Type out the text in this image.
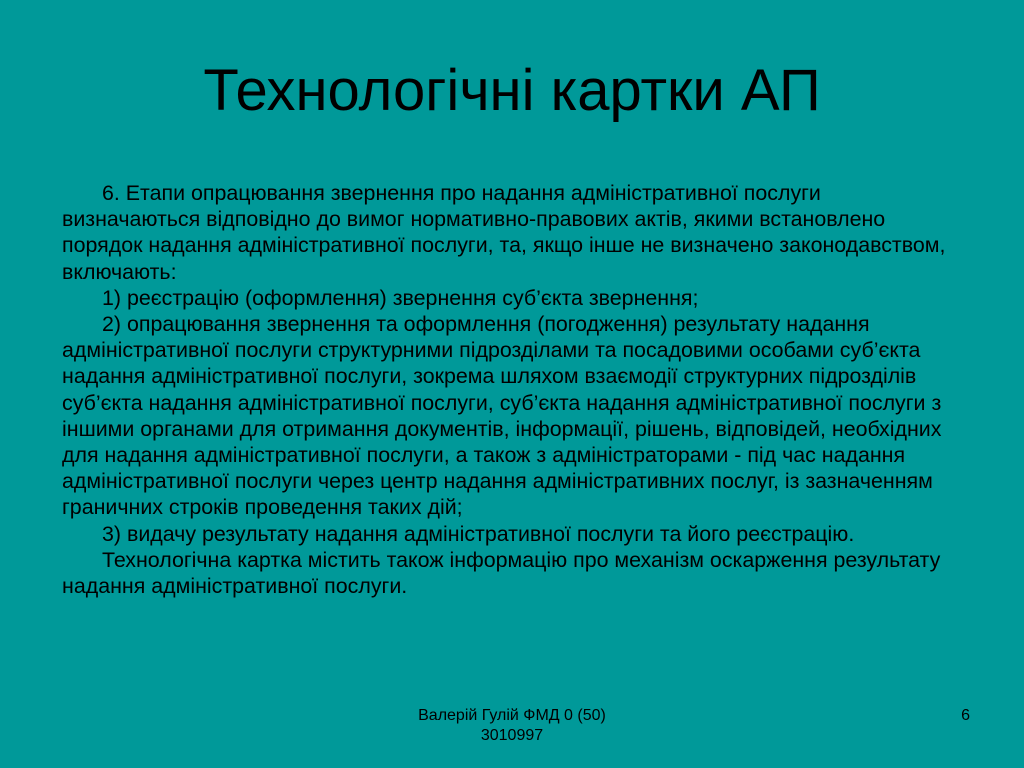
Технологічні картки АП

6. Етапи опрацювання звернення про надання адміністративної послуги визначаються відповідно до вимог нормативно-правових актів, якими встановлено порядок надання адміністративної послуги, та, якщо інше не визначено законодавством, включають:

1) реєстрацію (оформлення) звернення суб’єкта звернення;

2) опрацювання звернення та оформлення (погодження) результату надання адміністративної послуги структурними підрозділами та посадовими особами суб’єкта надання адміністративної послуги, зокрема шляхом взаємодії структурних підрозділів суб’єкта надання адміністративної послуги, суб’єкта надання адміністративної послуги з іншими органами для отримання документів, інформації, рішень, відповідей, необхідних для надання адміністративної послуги, а також з адміністраторами - під час надання адміністративної послуги через центр надання адміністративних послуг, із зазначенням граничних строків проведення таких дій;

3) видачу результату надання адміністративної послуги та його реєстрацію.

Технологічна картка містить також інформацію про механізм оскарження результату надання адміністративної послуги.

Валерій Гулій ФМД 0 (50)
3010997
6
